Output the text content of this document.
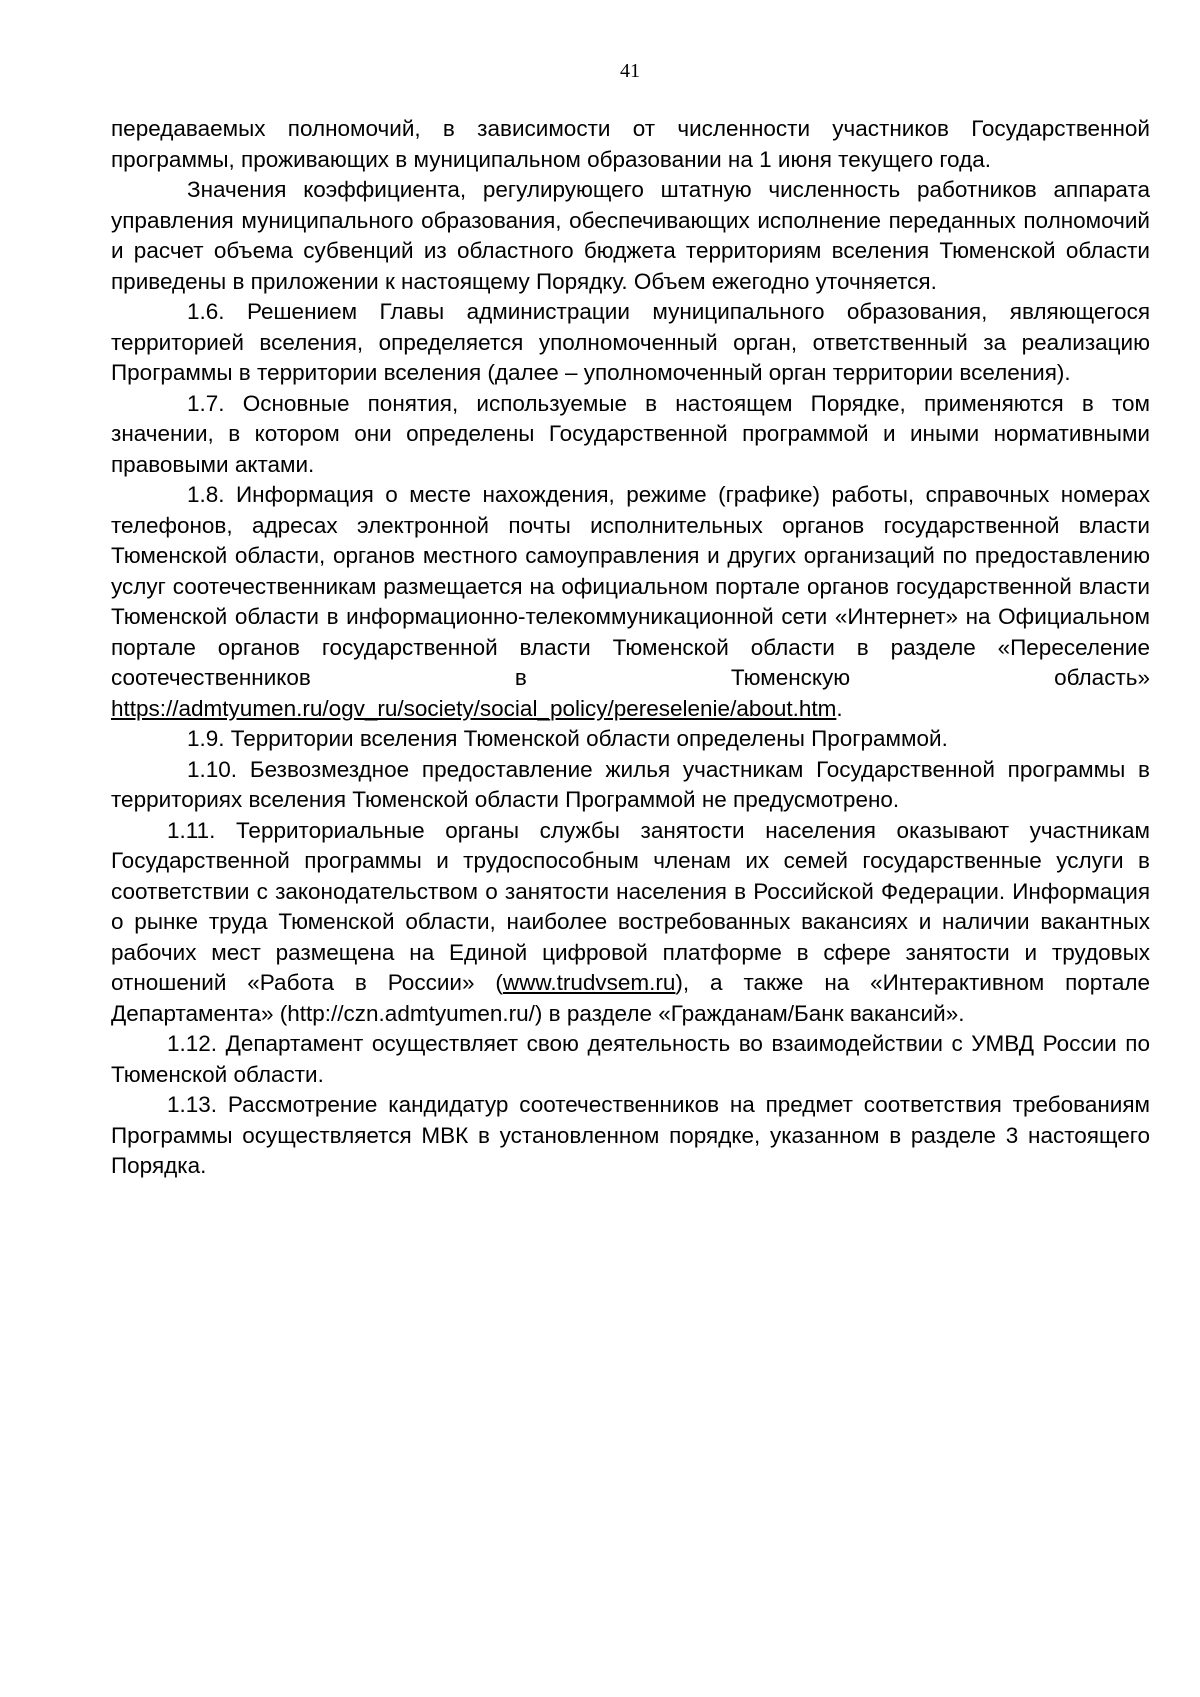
41

передаваемых полномочий, в зависимости от численности участников Государственной программы, проживающих в муниципальном образовании на 1 июня текущего года.

Значения коэффициента, регулирующего штатную численность работников аппарата управления муниципального образования, обеспечивающих исполнение переданных полномочий и расчет объема субвенций из областного бюджета территориям вселения Тюменской области приведены в приложении к настоящему Порядку. Объем ежегодно уточняется.

1.6. Решением Главы администрации муниципального образования, являющегося территорией вселения, определяется уполномоченный орган, ответственный за реализацию Программы в территории вселения (далее – уполномоченный орган территории вселения).

1.7. Основные понятия, используемые в настоящем Порядке, применяются в том значении, в котором они определены Государственной программой и иными нормативными правовыми актами.

1.8. Информация о месте нахождения, режиме (графике) работы, справочных номерах телефонов, адресах электронной почты исполнительных органов государственной власти Тюменской области, органов местного самоуправления и других организаций по предоставлению услуг соотечественникам размещается на официальном портале органов государственной власти Тюменской области в информационно-телекоммуникационной сети «Интернет» на Официальном портале органов государственной власти Тюменской области в разделе «Переселение соотечественников в Тюменскую область» https://admtyumen.ru/ogv_ru/society/social_policy/pereselenie/about.htm.

1.9. Территории вселения Тюменской области определены Программой.

1.10. Безвозмездное предоставление жилья участникам Государственной программы в территориях вселения Тюменской области Программой не предусмотрено.

1.11. Территориальные органы службы занятости населения оказывают участникам Государственной программы и трудоспособным членам их семей государственные услуги в соответствии с законодательством о занятости населения в Российской Федерации. Информация о рынке труда Тюменской области, наиболее востребованных вакансиях и наличии вакантных рабочих мест размещена на Единой цифровой платформе в сфере занятости и трудовых отношений «Работа в России» (www.trudvsem.ru), а также на «Интерактивном портале Департамента» (http://czn.admtyumen.ru/) в разделе «Гражданам/Банк вакансий».

1.12. Департамент осуществляет свою деятельность во взаимодействии с УМВД России по Тюменской области.

1.13. Рассмотрение кандидатур соотечественников на предмет соответствия требованиям Программы осуществляется МВК в установленном порядке, указанном в разделе 3 настоящего Порядка.
